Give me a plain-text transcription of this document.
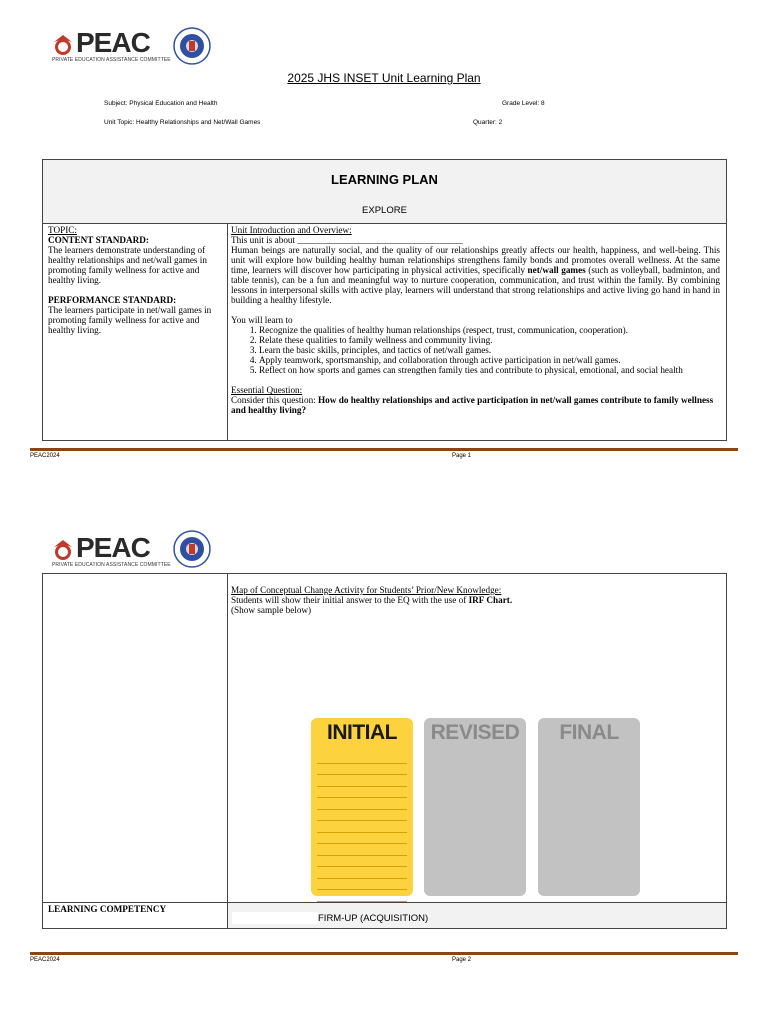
PEAC
PRIVATE EDUCATION ASSISTANCE COMMITTEE
2025 JHS INSET Unit Learning Plan
Subject: Physical Education and Health	Grade Level: 8
Unit Topic: Healthy Relationships and Net/Wall Games	Quarter: 2
LEARNING PLAN
EXPLORE
TOPIC:
CONTENT STANDARD:
The learners demonstrate understanding of healthy relationships and net/wall games in promoting family wellness for active and healthy living.
PERFORMANCE STANDARD:
The learners participate in net/wall games in promoting family wellness for active and healthy living.
Unit Introduction and Overview:
This unit is about ____________________________________
Human beings are naturally social, and the quality of our relationships greatly affects our health, happiness, and well-being. This unit will explore how building healthy human relationships strengthens family bonds and promotes overall wellness. At the same time, learners will discover how participating in physical activities, specifically net/wall games (such as volleyball, badminton, and table tennis), can be a fun and meaningful way to nurture cooperation, communication, and trust within the family. By combining lessons in interpersonal skills with active play, learners will understand that strong relationships and active living go hand in hand in building a healthy lifestyle.
You will learn to
1. Recognize the qualities of healthy human relationships (respect, trust, communication, cooperation).
2. Relate these qualities to family wellness and community living.
3. Learn the basic skills, principles, and tactics of net/wall games.
4. Apply teamwork, sportsmanship, and collaboration through active participation in net/wall games.
5. Reflect on how sports and games can strengthen family ties and contribute to physical, emotional, and social health
Essential Question:
Consider this question: How do healthy relationships and active participation in net/wall games contribute to family wellness and healthy living?
PEAC2024	Page 1
PEAC
PRIVATE EDUCATION ASSISTANCE COMMITTEE
Map of Conceptual Change Activity for Students’ Prior/New Knowledge:
Students will show their initial answer to the EQ with the use of IRF Chart.
(Show sample below)
INITIAL	REVISED	FINAL
LEARNING COMPETENCY
FIRM-UP (ACQUISITION)
PEAC2024	Page 2
